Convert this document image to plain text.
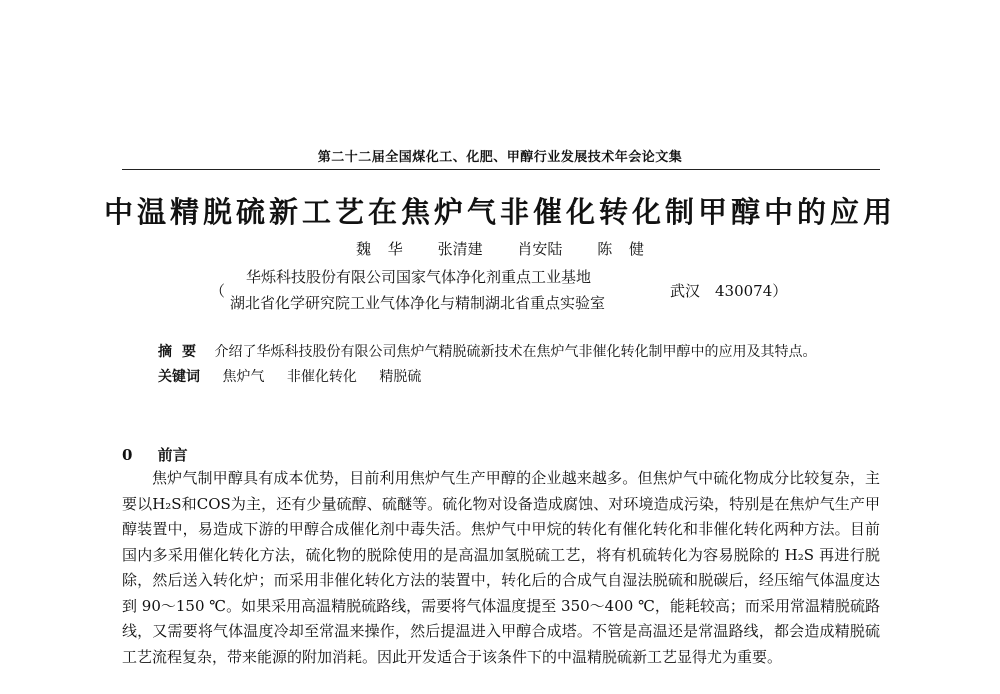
第二十二届全国煤化工、化肥、甲醇行业发展技术年会论文集
中温精脱硫新工艺在焦炉气非催化转化制甲醇中的应用
魏 华 张清建 肖安陆 陈 健
（
华烁科技股份有限公司国家气体净化剂重点工业基地
湖北省化学研究院工业气体净化与精制湖北省重点实验室
武汉　430074）
摘要 介绍了华烁科技股份有限公司焦炉气精脱硫新技术在焦炉气非催化转化制甲醇中的应用及其特点。
关键词 焦炉气 非催化转化 精脱硫
0 前言

焦炉气制甲醇具有成本优势，目前利用焦炉气生产甲醇的企业越来越多。但焦炉气中硫化物成分比较复杂，主要以H₂S和COS为主，还有少量硫醇、硫醚等。硫化物对设备造成腐蚀、对环境造成污染，特别是在焦炉气生产甲醇装置中，易造成下游的甲醇合成催化剂中毒失活。焦炉气中甲烷的转化有催化转化和非催化转化两种方法。目前国内多采用催化转化方法，硫化物的脱除使用的是高温加氢脱硫工艺，将有机硫转化为容易脱除的 H₂S 再进行脱除，然后送入转化炉；而采用非催化转化方法的装置中，转化后的合成气自湿法脱硫和脱碳后，经压缩气体温度达到 90～150 ℃。如果采用高温精脱硫路线，需要将气体温度提至 350～400 ℃，能耗较高；而采用常温精脱硫路线，又需要将气体温度冷却至常温来操作，然后提温进入甲醇合成塔。不管是高温还是常温路线，都会造成精脱硫工艺流程复杂，带来能源的附加消耗。因此开发适合于该条件下的中温精脱硫新工艺显得尤为重要。
